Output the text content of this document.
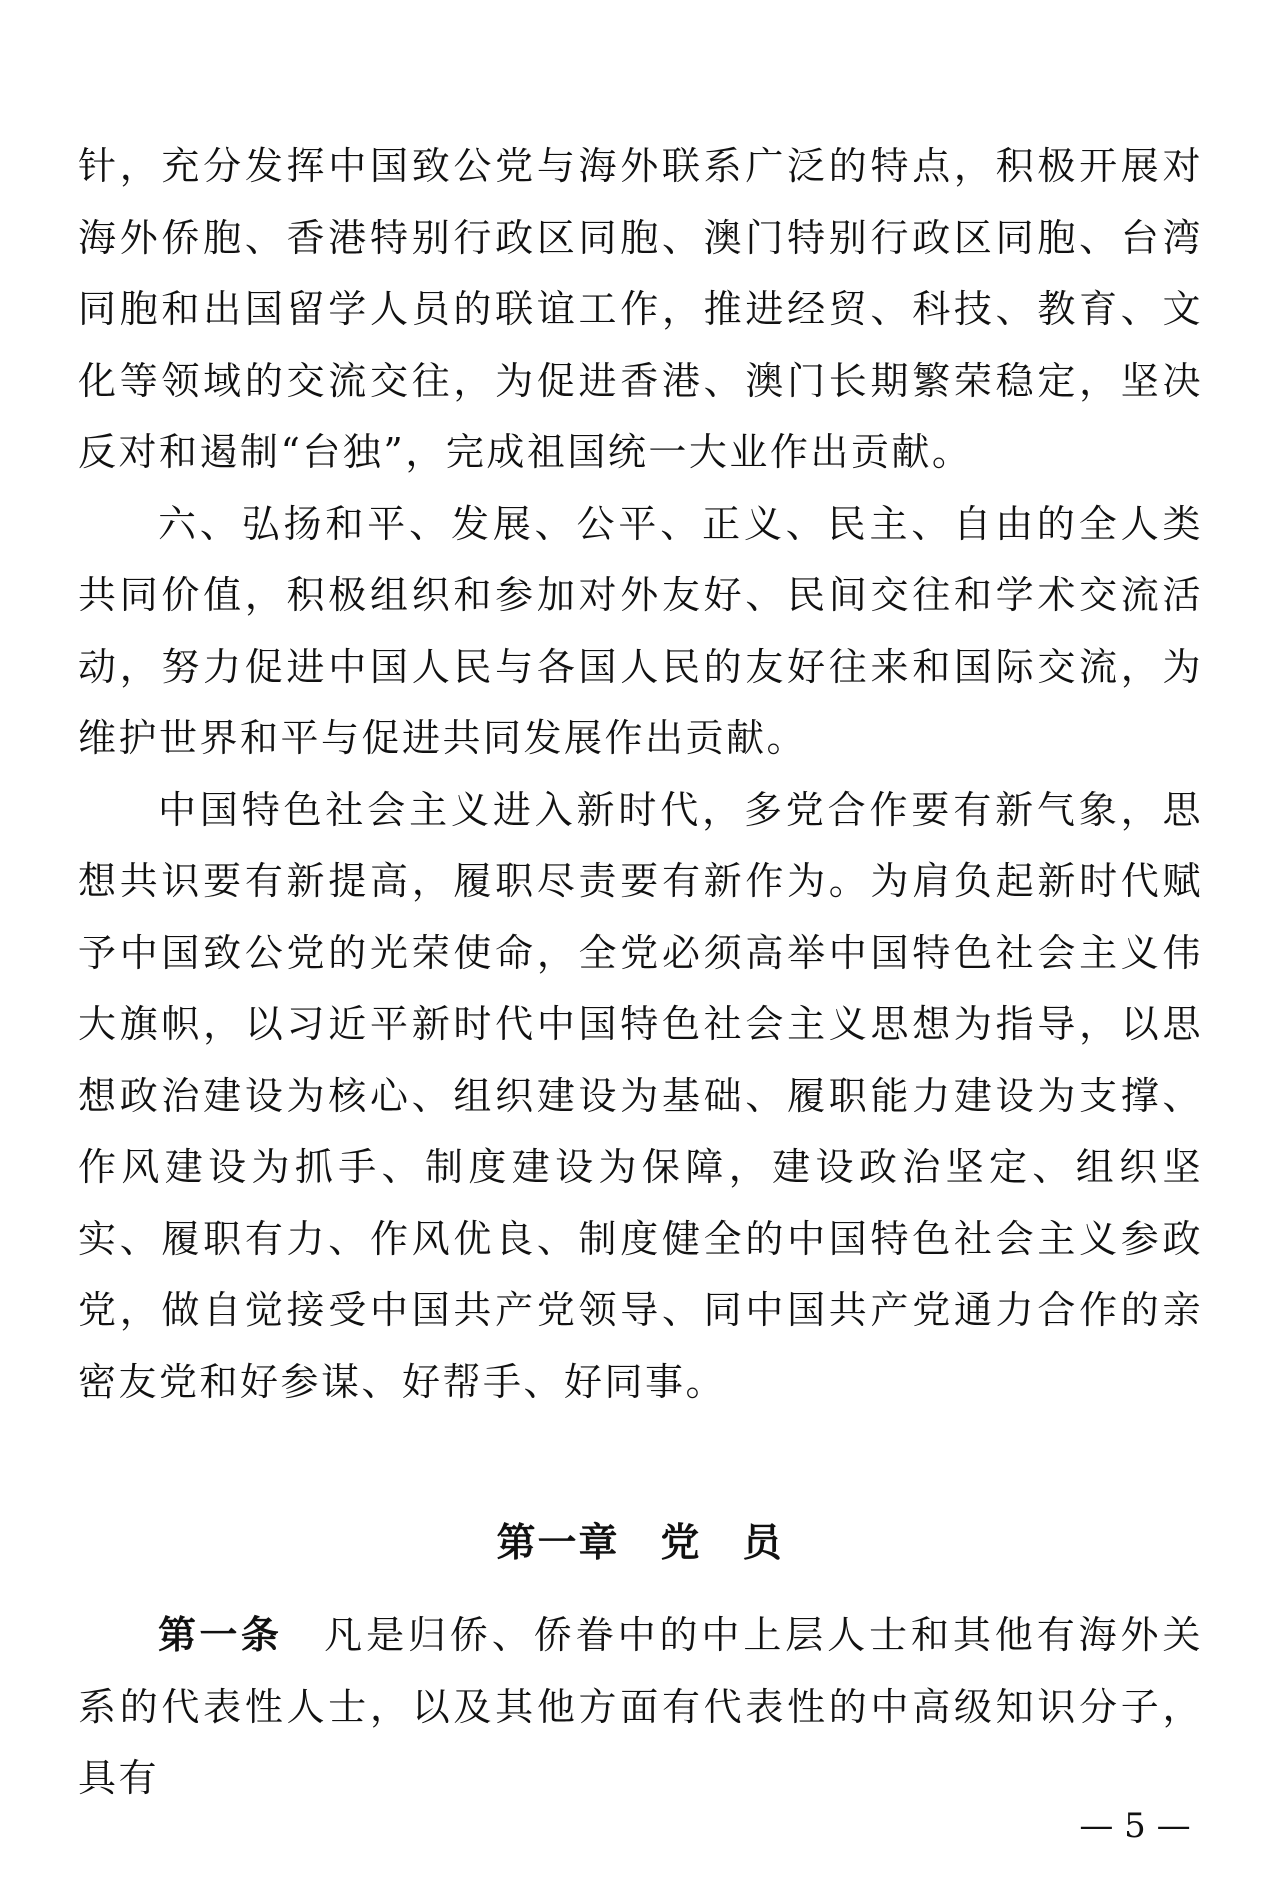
针，充分发挥中国致公党与海外联系广泛的特点，积极开展对海外侨胞、香港特别行政区同胞、澳门特别行政区同胞、台湾同胞和出国留学人员的联谊工作，推进经贸、科技、教育、文化等领域的交流交往，为促进香港、澳门长期繁荣稳定，坚决反对和遏制“台独”，完成祖国统一大业作出贡献。

六、弘扬和平、发展、公平、正义、民主、自由的全人类共同价值，积极组织和参加对外友好、民间交往和学术交流活动，努力促进中国人民与各国人民的友好往来和国际交流，为维护世界和平与促进共同发展作出贡献。

中国特色社会主义进入新时代，多党合作要有新气象，思想共识要有新提高，履职尽责要有新作为。为肩负起新时代赋予中国致公党的光荣使命，全党必须高举中国特色社会主义伟大旗帜，以习近平新时代中国特色社会主义思想为指导，以思想政治建设为核心、组织建设为基础、履职能力建设为支撑、作风建设为抓手、制度建设为保障，建设政治坚定、组织坚实、履职有力、作风优良、制度健全的中国特色社会主义参政党，做自觉接受中国共产党领导、同中国共产党通力合作的亲密友党和好参谋、好帮手、好同事。

第一章　党　员

第一条　 凡是归侨、侨眷中的中上层人士和其他有海外关系的代表性人士，以及其他方面有代表性的中高级知识分子，具有

— 5 —
